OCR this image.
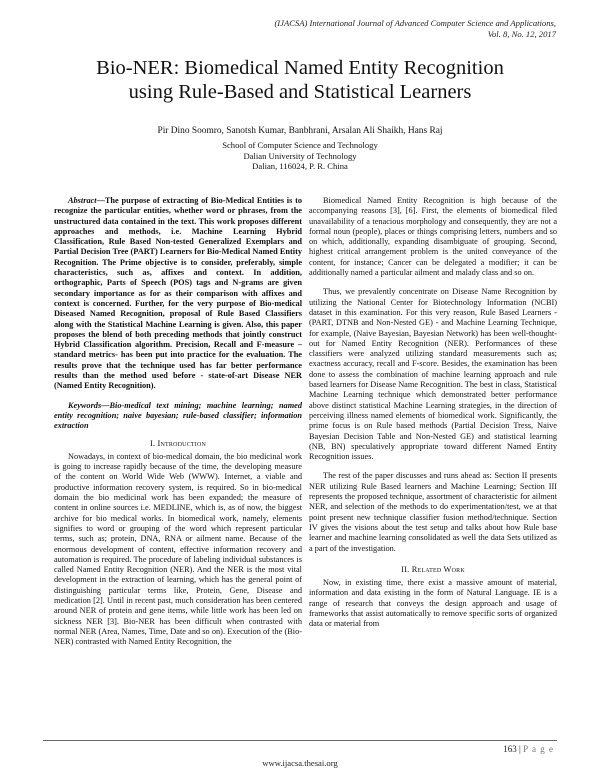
(IJACSA) International Journal of Advanced Computer Science and Applications,
Vol. 8, No. 12, 2017
Bio-NER: Biomedical Named Entity Recognition
using Rule-Based and Statistical Learners
Pir Dino Soomro, Sanotsh Kumar, Banbhrani, Arsalan Ali Shaikh, Hans Raj
School of Computer Science and Technology
Dalian University of Technology
Dalian, 116024, P. R. China

Abstract—The purpose of extracting of Bio-Medical Entities is to recognize the particular entities, whether word or phrases, from the unstructured data contained in the text. This work proposes different approaches and methods, i.e. Machine Learning Hybrid Classification, Rule Based Non-tested Generalized Exemplars and Partial Decision Tree (PART) Learners for Bio-Medical Named Entity Recognition. The Prime objective is to consider, preferably, simple characteristics, such as, affixes and context. In addition, orthographic, Parts of Speech (POS) tags and N-grams are given secondary importance as for as their comparison with affixes and context is concerned. Further, for the very purpose of Bio-medical Diseased Named Recognition, proposal of Rule Based Classifiers along with the Statistical Machine Learning is given. Also, this paper proposes the blend of both preceding methods that jointly construct Hybrid Classification algorithm. Precision, Recall and F-measure – standard metrics- has been put into practice for the evaluation. The results prove that the technique used has far better performance results than the method used before - state-of-art Disease NER (Named Entity Recognition).

Keywords—Bio-medical text mining; machine learning; named entity recognition; naive bayesian; rule-based classifier; information extraction

I. Introduction

Nowadays, in context of bio-medical domain, the bio medicinal work is going to increase rapidly because of the time, the developing measure of the content on World Wide Web (WWW). Internet, a viable and productive information recovery system, is required. So in bio-medical domain the bio medicinal work has been expanded; the measure of content in online sources i.e. MEDLINE, which is, as of now, the biggest archive for bio medical works. In biomedical work, namely, elements signifies to word or grouping of the word which represent particular terms, such as; protein, DNA, RNA or ailment name. Because of the enormous development of content, effective information recovery and automation is required. The procedure of labeling individual substances is called Named Entity Recognition (NER). And the NER is the most vital development in the extraction of learning, which has the general point of distinguishing particular terms like, Protein, Gene, Disease and medication [2]. Until in recent past, much consideration has been centered around NER of protein and gene items, while little work has been led on sickness NER [3]. Bio-NER has been difficult when contrasted with normal NER (Area, Names, Time, Date and so on). Execution of the (Bio-NER) contrasted with Named Entity Recognition, the

Biomedical Named Entity Recognition is high because of the accompanying reasons [3], [6]. First, the elements of biomedical filed unavailability of a tenacious morphology and consequently, they are not a formal noun (people), places or things comprising letters, numbers and so on which, additionally, expanding disambiguate of grouping. Second, highest critical arrangement problem is the united conveyance of the content, for instance; Cancer can be delegated a modifier; it can be additionally named a particular ailment and malady class and so on.

Thus, we prevalently concentrate on Disease Name Recognition by utilizing the National Center for Biotechnology Information (NCBI) dataset in this examination. For this very reason, Rule Based Learners - (PART, DTNB and Non-Nested GE) - and Machine Learning Technique, for example, (Naive Bayesian, Bayesian Network) has been well-thought-out for Named Entity Recognition (NER). Performances of these classifiers were analyzed utilizing standard measurements such as; exactness accuracy, recall and F-score. Besides, the examination has been done to assess the combination of machine learning approach and rule based learners for Disease Name Recognition. The best in class, Statistical Machine Learning technique which demonstrated better performance above distinct statistical Machine Learning strategies, in the direction of perceiving illness named elements of biomedical work. Significantly, the prime focus is on Rule based methods (Partial Decision Tress, Naive Bayesian Decision Table and Non-Nested GE) and statistical learning (NB, BN) speculatively appropriate toward different Named Entity Recognition issues.

The rest of the paper discusses and runs ahead as: Section II presents NER utilizing Rule Based learners and Machine Learning; Section III represents the proposed technique, assortment of characteristic for ailment NER, and selection of the methods to do experimentation/test, we at that point present new technique classifier fusion method/technique. Section IV gives the visions about the test setup and talks about how Rule base learner and machine learning consolidated as well the data Sets utilized as a part of the investigation.

II. Related Work

Now, in existing time, there exist a massive amount of material, information and data existing in the form of Natural Language. IE is a range of research that conveys the design approach and usage of frameworks that assist automatically to remove specific sorts of organized data or material from

163 | P a g e
www.ijacsa.thesai.org
